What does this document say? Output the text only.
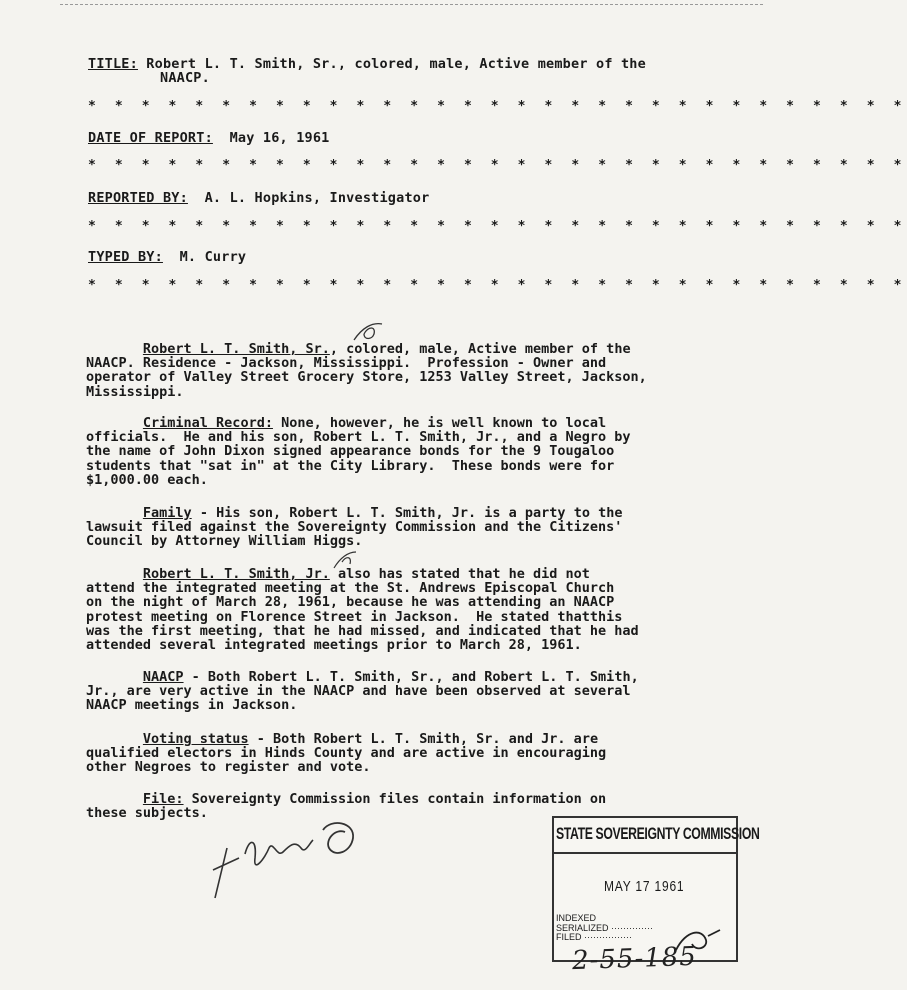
TITLE: Robert L. T. Smith, Sr., colored, male, Active member of the
NAACP.
* * * * * * * * * * * * * * * * * * * * * * * * * * * * * * *
DATE OF REPORT: May 16, 1961
* * * * * * * * * * * * * * * * * * * * * * * * * * * * * * *
REPORTED BY: A. L. Hopkins, Investigator
* * * * * * * * * * * * * * * * * * * * * * * * * * * * * * *
TYPED BY: M. Curry
* * * * * * * * * * * * * * * * * * * * * * * * * * * * * * *
Robert L. T. Smith, Sr., colored, male, Active member of the
NAACP. Residence - Jackson, Mississippi.  Profession - Owner and
operator of Valley Street Grocery Store, 1253 Valley Street, Jackson,
Mississippi.
Criminal Record: None, however, he is well known to local
officials.  He and his son, Robert L. T. Smith, Jr., and a Negro by
the name of John Dixon signed appearance bonds for the 9 Tougaloo
students that "sat in" at the City Library.  These bonds were for
$1,000.00 each.
Family - His son, Robert L. T. Smith, Jr. is a party to the
lawsuit filed against the Sovereignty Commission and the Citizens'
Council by Attorney William Higgs.
Robert L. T. Smith, Jr. also has stated that he did not
attend the integrated meeting at the St. Andrews Episcopal Church
on the night of March 28, 1961, because he was attending an NAACP
protest meeting on Florence Street in Jackson.  He stated thatthis
was the first meeting, that he had missed, and indicated that he had
attended several integrated meetings prior to March 28, 1961.
NAACP - Both Robert L. T. Smith, Sr., and Robert L. T. Smith,
Jr., are very active in the NAACP and have been observed at several
NAACP meetings in Jackson.
Voting status - Both Robert L. T. Smith, Sr. and Jr. are
qualified electors in Hinds County and are active in encouraging
other Negroes to register and vote.
File: Sovereignty Commission files contain information on
these subjects.
STATE SOVEREIGNTY COMMISSION
MAY 17 1961
INDEXED
SERIALIZED ··············
FILED ················
2-55-185
